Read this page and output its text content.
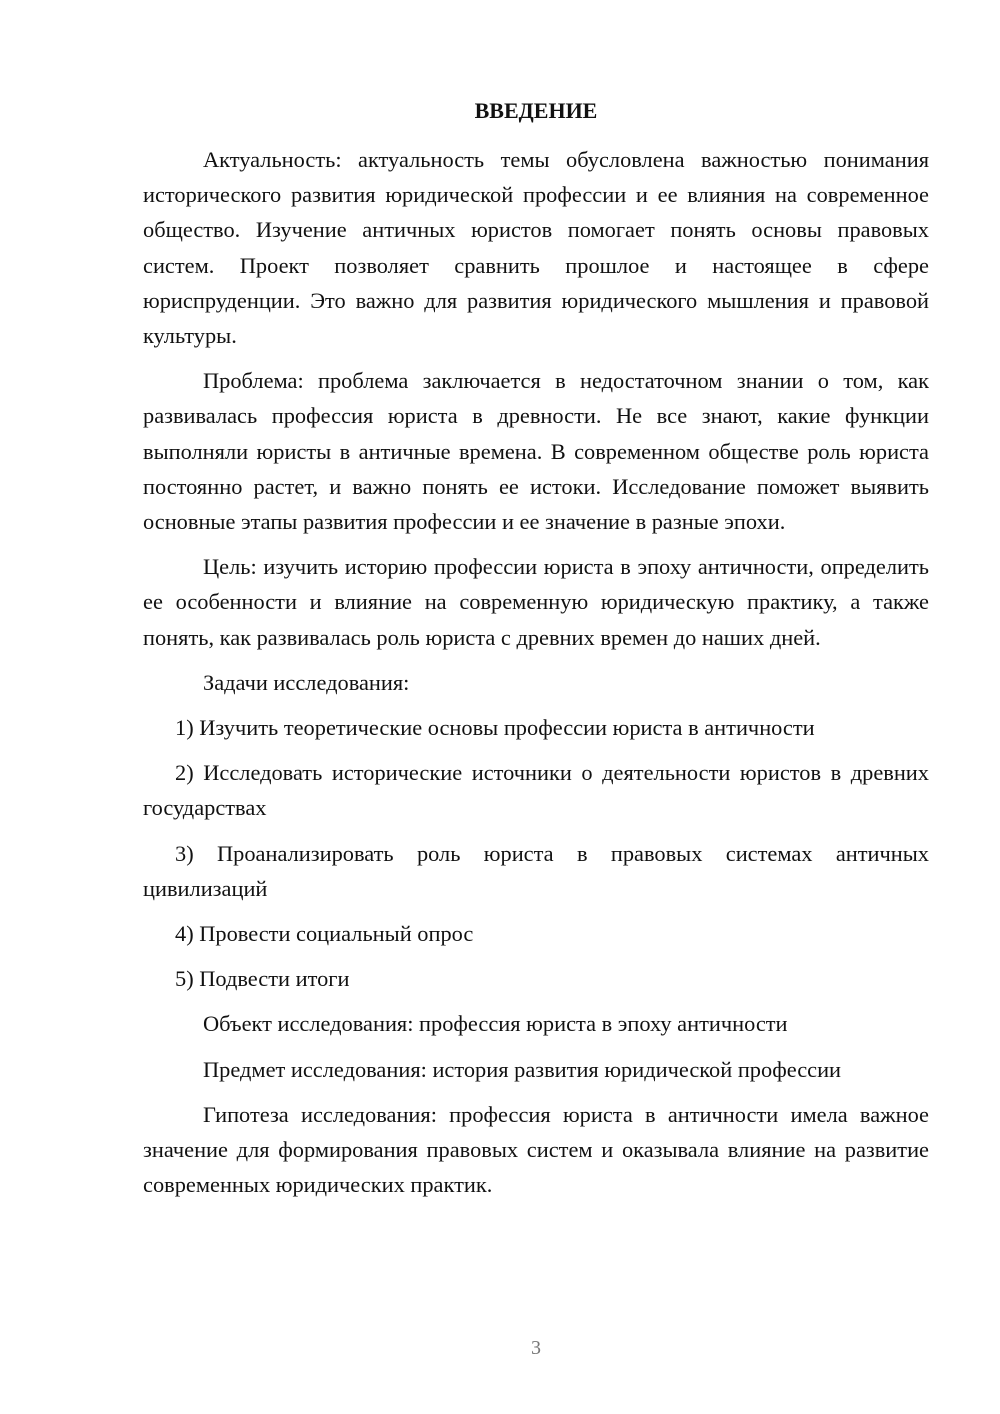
ВВЕДЕНИЕ

Актуальность: актуальность темы обусловлена важностью понимания исторического развития юридической профессии и ее влияния на современное общество. Изучение античных юристов помогает понять основы правовых систем. Проект позволяет сравнить прошлое и настоящее в сфере юриспруденции. Это важно для развития юридического мышления и правовой культуры.

Проблема: проблема заключается в недостаточном знании о том, как развивалась профессия юриста в древности. Не все знают, какие функции выполняли юристы в античные времена. В современном обществе роль юриста постоянно растет, и важно понять ее истоки. Исследование поможет выявить основные этапы развития профессии и ее значение в разные эпохи.

Цель: изучить историю профессии юриста в эпоху античности, определить ее особенности и влияние на современную юридическую практику, а также понять, как развивалась роль юриста с древних времен до наших дней.

Задачи исследования:

1) Изучить теоретические основы профессии юриста в античности

2) Исследовать исторические источники о деятельности юристов в древних государствах

3) Проанализировать роль юриста в правовых системах античных цивилизаций

4) Провести социальный опрос

5) Подвести итоги

Объект исследования: профессия юриста в эпоху античности

Предмет исследования: история развития юридической профессии

Гипотеза исследования: профессия юриста в античности имела важное значение для формирования правовых систем и оказывала влияние на развитие современных юридических практик.

3
